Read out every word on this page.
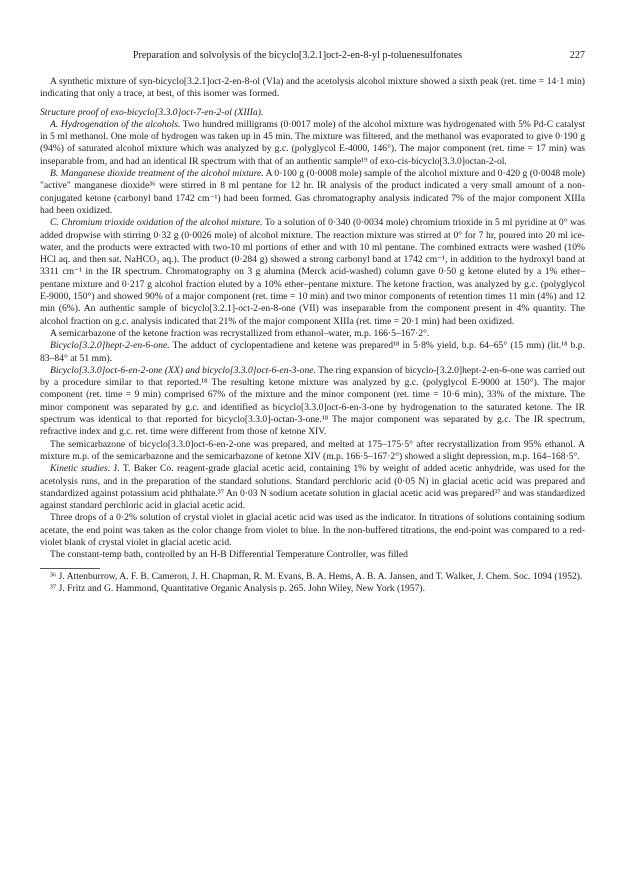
Preparation and solvolysis of the bicyclo[3.2.1]oct-2-en-8-yl p-toluenesulfonates	227

A synthetic mixture of syn-bicyclo[3.2.1]oct-2-en-8-ol (VIa) and the acetolysis alcohol mixture showed a sixth peak (ret. time = 14·1 min) indicating that only a trace, at best, of this isomer was formed.

Structure proof of exo-bicyclo[3.3.0]oct-7-en-2-ol (XIIIa).

A. Hydrogenation of the alcohols. Two hundred milligrams (0·0017 mole) of the alcohol mixture was hydrogenated with 5% Pd-C catalyst in 5 ml methanol. One mole of hydrogen was taken up in 45 min. The mixture was filtered, and the methanol was evaporated to give 0·190 g (94%) of saturated alcohol mixture which was analyzed by g.c. (polyglycol E-4000, 146°). The major component (ret. time = 17 min) was inseparable from, and had an identical IR spectrum with that of an authentic sample¹⁹ of exo-cis-bicyclo[3.3.0]octan-2-ol.

B. Manganese dioxide treatment of the alcohol mixture. A 0·100 g (0·0008 mole) sample of the alcohol mixture and 0·420 g (0·0048 mole) "active" manganese dioxide³⁶ were stirred in 8 ml pentane for 12 hr. IR analysis of the product indicated a very small amount of a non-conjugated ketone (carbonyl band 1742 cm⁻¹) had been formed. Gas chromatography analysis indicated 7% of the major component XIIIa had been oxidized.

C. Chromium trioxide oxidation of the alcohol mixture. To a solution of 0·340 (0·0034 mole) chromium trioxide in 5 ml pyridine at 0° was added dropwise with stirring 0·32 g (0·0026 mole) of alcohol mixture. The reaction mixture was stirred at 0° for 7 hr, poured into 20 ml ice-water, and the products were extracted with two-10 ml portions of ether and with 10 ml pentane. The combined extracts were washed (10% HCl aq. and then sat. NaHCO₃ aq.). The product (0·284 g) showed a strong carbonyl band at 1742 cm⁻¹, in addition to the hydroxyl band at 3311 cm⁻¹ in the IR spectrum. Chromatography on 3 g alumina (Merck acid-washed) column gave 0·50 g ketone eluted by a 1% ether–pentane mixture and 0·217 g alcohol fraction eluted by a 10% ether–pentane mixture. The ketone fraction, was analyzed by g.c. (polyglycol E-9000, 150°) and showed 90% of a major component (ret. time = 10 min) and two minor components of retention times 11 min (4%) and 12 min (6%). An authentic sample of bicyclo[3.2.1]-oct-2-en-8-one (VII) was inseparable from the component present in 4% quantity. The alcohol fraction on g.c. analysis indicated that 21% of the major component XIIIa (ret. time = 20·1 min) had been oxidized.

A semicarbazone of the ketone fraction was recrystallized from ethanol–water, m.p. 166·5–167·2°.

Bicyclo[3.2.0]hept-2-en-6-one. The adduct of cyclopentadiene and ketene was prepared¹⁸ in 5·8% yield, b.p. 64–65° (15 mm) (lit.¹⁸ b.p. 83–84° at 51 mm).

Bicyclo[3.3.0]oct-6-en-2-one (XX) and bicyclo[3.3.0]oct-6-en-3-one. The ring expansion of bicyclo-[3.2.0]hept-2-en-6-one was carried out by a procedure similar to that reported.¹⁸ The resulting ketone mixture was analyzed by g.c. (polyglycol E-9000 at 150°). The major component (ret. time = 9 min) comprised 67% of the mixture and the minor component (ret. time = 10·6 min), 33% of the mixture. The minor component was separated by g.c. and identified as bicyclo[3.3.0]oct-6-en-3-one by hydrogenation to the saturated ketone. The IR spectrum was identical to that reported for bicyclo[3.3.0]-octan-3-one.¹⁸ The major component was separated by g.c. The IR spectrum, refractive index and g.c. ret. time were different from those of ketone XIV.

The semicarbazone of bicyclo[3.3.0]oct-6-en-2-one was prepared, and melted at 175–175·5° after recrystallization from 95% ethanol. A mixture m.p. of the semicarbazone and the semicarbazone of ketone XIV (m.p. 166·5–167·2°) showed a slight depression, m.p. 164–168·5°.

Kinetic studies. J. T. Baker Co. reagent-grade glacial acetic acid, containing 1% by weight of added acetic anhydride, was used for the acetolysis runs, and in the preparation of the standard solutions. Standard perchloric acid (0·05 N) in glacial acetic acid was prepared and standardized against potassium acid phthalate.³⁷ An 0·03 N sodium acetate solution in glacial acetic acid was prepared³⁷ and was standardized against standard perchloric acid in glacial acetic acid.

Three drops of a 0·2% solution of crystal violet in glacial acetic acid was used as the indicator. In titrations of solutions containing sodium acetate, the end point was taken as the color change from violet to blue. In the non-buffered titrations, the end-point was compared to a red-violet blank of crystal violet in glacial acetic acid.

The constant-temp bath, controlled by an H-B Differential Temperature Controller, was filled

³⁶ J. Attenburrow, A. F. B. Cameron, J. H. Chapman, R. M. Evans, B. A. Hems, A. B. A. Jansen, and T. Walker, J. Chem. Soc. 1094 (1952).

³⁷ J. Fritz and G. Hammond, Quantitative Organic Analysis p. 265. John Wiley, New York (1957).
